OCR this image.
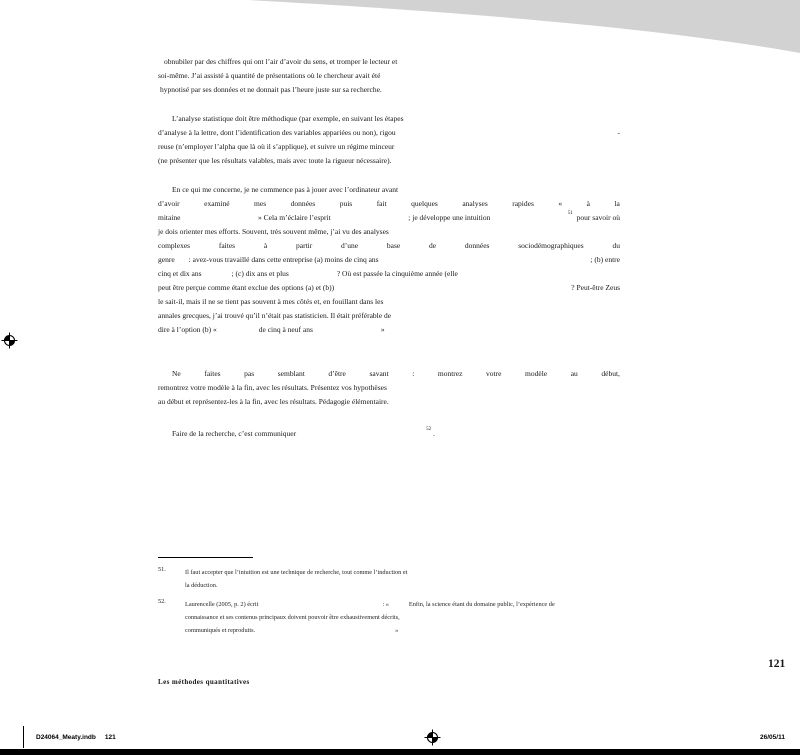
obnubiler par des chiffres qui ont l’air d’avoir du sens, et tromper le lecteur et
soi-même. J’ai assisté à quantité de présentations où le chercheur avait été
hypnotisé par ses données et ne donnait pas l’heure juste sur sa recherche.
L’analyse statistique doit être méthodique (par exemple, en suivant les étapes
d’analyse à la lettre, dont l’identification des variables appariées ou non), rigou	-
reuse (n’employer l’alpha que là où il s’applique), et suivre un régime minceur
(ne présenter que les résultats valables, mais avec toute la rigueur nécessaire).
En ce qui me concerne, je ne commence pas à jouer avec l’ordinateur avant
d’avoir	examiné	mes	données	puis	fait	quelques	analyses	rapides	«	à	la
mitaine	» Cela m’éclaire l’esprit	; je développe une intuition	$^{51}$ pour savoir où
je dois orienter mes efforts. Souvent, très souvent même, j’ai vu des analyses
complexes	faites	à	partir	d’une	base	de	données	sociodémographiques	du
genre : avez-vous travaillé dans cette entreprise (a) moins de cinq ans	; (b) entre
cinq et dix ans	; (c) dix ans et plus	? Où est passée la cinquième année (elle
peut être perçue comme étant exclue des options (a) et (b))	? Peut-être Zeus
le sait-il, mais il ne se tient pas souvent à mes côtés et, en fouillant dans les
annales grecques, j’ai trouvé qu’il n’était pas statisticien. Il était préférable de
dire à l’option (b) «	de cinq à neuf ans	»
Ne	faites	pas	semblant	d’être	savant	:	montrez	votre	modèle	au	début,
remontrez votre modèle à la fin, avec les résultats. Présentez vos hypothèses
au début et représentez-les à la fin, avec les résultats. Pédagogie élémentaire.
Faire de la recherche, c’est communiquer	$^{52}$ .
51.	Il faut accepter que l’intuition est une technique de recherche, tout comme l’induction et
la déduction.
52.	Laurencelle (2005, p. 2) écrit	: «	Enfin, la science étant du domaine public, l’expérience de
connaissance et ses contenus principaux doivent pouvoir être exhaustivement décrits,
communiqués et reproduits.	»
121
Les méthodes quantitatives
D24064_Meaty.indb 121	26/05/11
